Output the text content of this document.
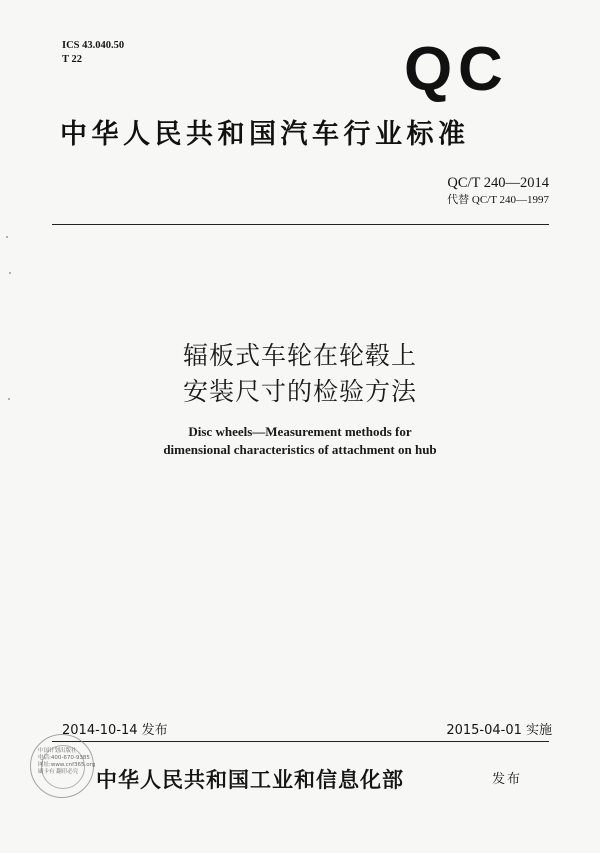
ICS 43.040.50
T 22	Q C
中华人民共和国汽车行业标准
QC/T 240—2014
代替 QC/T 240—1997
辐板式车轮在轮毂上
安装尺寸的检验方法
Disc wheels—Measurement methods for
dimensional characteristics of attachment on hub
2014-10-14 发布	2015-04-01 实施
中国计划出版社
电话:400-670-9385
网址:www.cnf365.org
刷卡有 翻印必究 中华人民共和国工业和信息化部	发布
